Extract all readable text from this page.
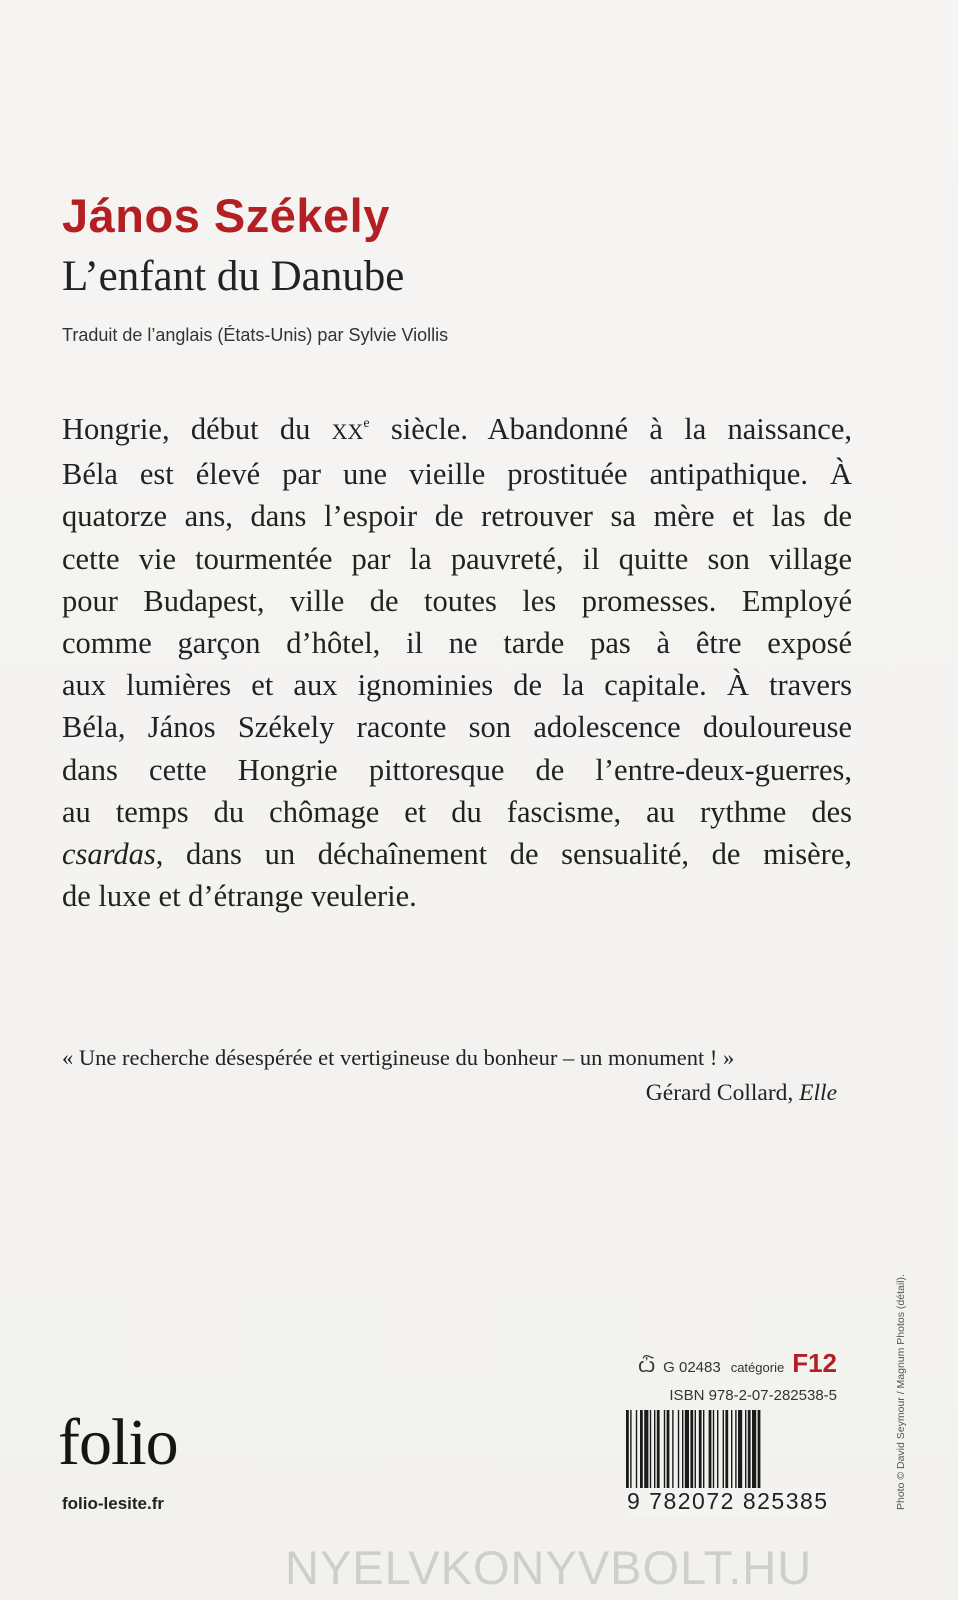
János Székely
L’enfant du Danube
Traduit de l’anglais (États-Unis) par Sylvie Viollis
Hongrie, début du XXe siècle. Abandonné à la naissance,
Béla est élevé par une vieille prostituée antipathique. À
quatorze ans, dans l’espoir de retrouver sa mère et las de
cette vie tourmentée par la pauvreté, il quitte son village
pour Budapest, ville de toutes les promesses. Employé
comme garçon d’hôtel, il ne tarde pas à être exposé
aux lumières et aux ignominies de la capitale. À travers
Béla, János Székely raconte son adolescence douloureuse
dans cette Hongrie pittoresque de l’entre-deux-guerres,
au temps du chômage et du fascisme, au rythme des
csardas, dans un déchaînement de sensualité, de misère,
de luxe et d’étrange veulerie.
« Une recherche désespérée et vertigineuse du bonheur – un monument ! »
Gérard Collard, Elle
ѽ G 02483 catégorie F12
ISBN 978-2-07-282538-5
9 782072 825385
folio
folio-lesite.fr	Photo © David Seymour / Magnum Photos (détail).
NYELVKONYVBOLT.HU
